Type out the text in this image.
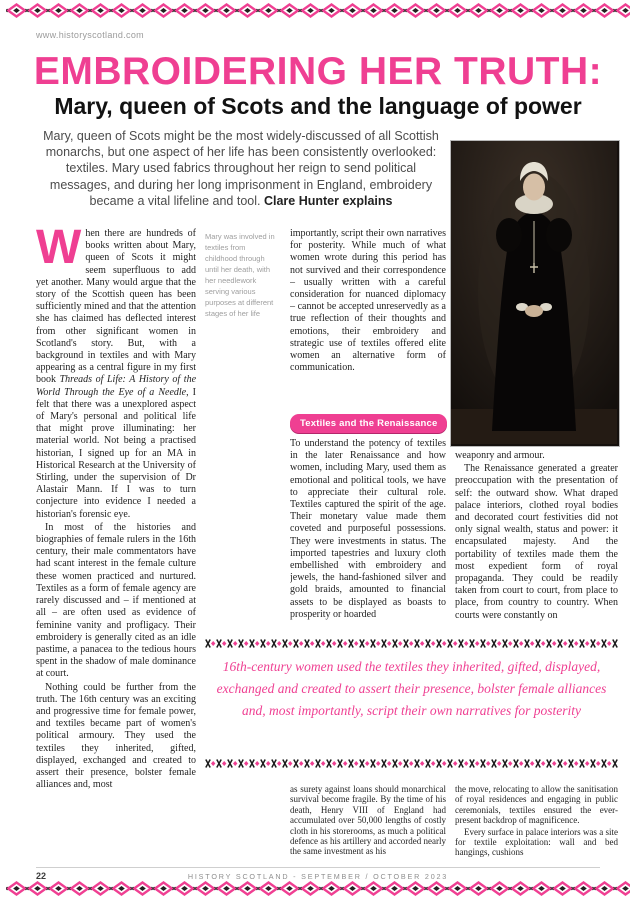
www.historyscotland.com
EMBROIDERING HER TRUTH:
Mary, queen of Scots and the language of power
Mary, queen of Scots might be the most widely-discussed of all Scottish monarchs, but one aspect of her life has been consistently overlooked: textiles. Mary used fabrics throughout her reign to send political messages, and during her long imprisonment in England, embroidery became a vital lifeline and tool. Clare Hunter explains
Mary was involved in textiles from childhood through until her death, with her needlework serving various purposes at different stages of her life

When there are hundreds of books written about Mary, queen of Scots it might seem superfluous to add yet another. Many would argue that the story of the Scottish queen has been sufficiently mined and that the attention she has claimed has deflected interest from other significant women in Scotland's story. But, with a background in textiles and with Mary appearing as a central figure in my first book Threads of Life: A History of the World Through the Eye of a Needle, I felt that there was a unexplored aspect of Mary's personal and political life that might prove illuminating: her material world. Not being a practised historian, I signed up for an MA in Historical Research at the University of Stirling, under the supervision of Dr Alastair Mann. If I was to turn conjecture into evidence I needed a historian's forensic eye.

In most of the histories and biographies of female rulers in the 16th century, their male commentators have had scant interest in the female culture these women practiced and nurtured. Textiles as a form of female agency are rarely discussed and – if mentioned at all – are often used as evidence of feminine vanity and profligacy. Their embroidery is generally cited as an idle pastime, a panacea to the tedious hours spent in the shadow of male dominance at court.

Nothing could be further from the truth. The 16th century was an exciting and progressive time for female power, and textiles became part of women's political armoury. They used the textiles they inherited, gifted, displayed, exchanged and created to assert their presence, bolster female alliances and, most

importantly, script their own narratives for posterity. While much of what women wrote during this period has not survived and their correspondence – usually written with a careful consideration for nuanced diplomacy – cannot be accepted unreservedly as a true reflection of their thoughts and emotions, their embroidery and strategic use of textiles offered elite women an alternative form of communication.

Textiles and the Renaissance

To understand the potency of textiles in the later Renaissance and how women, including Mary, used them as emotional and political tools, we have to appreciate their cultural role. Textiles captured the spirit of the age. Their monetary value made them coveted and purposeful possessions. They were investments in status. The imported tapestries and luxury cloth embellished with embroidery and jewels, the hand-fashioned silver and gold braids, amounted to financial assets to be displayed as boasts to prosperity or hoarded

weaponry and armour.

The Renaissance generated a greater preoccupation with the presentation of self: the outward show. What draped palace interiors, clothed royal bodies and decorated court festivities did not only signal wealth, status and power: it encapsulated majesty. And the portability of textiles made them the most expedient form of royal propaganda. They could be readily taken from court to court, from place to place, from country to country. When courts were constantly on

16th-century women used the textiles they inherited, gifted, displayed, exchanged and created to assert their presence, bolster female alliances and, most importantly, script their own narratives for posterity

as surety against loans should monarchical survival become fragile. By the time of his death, Henry VIII of England had accumulated over 50,000 lengths of costly cloth in his storerooms, as much a political defence as his artillery and accorded nearly the same investment as his

the move, relocating to allow the sanitisation of royal residences and engaging in public ceremonials, textiles ensured the ever-present backdrop of magnificence.

Every surface in palace interiors was a site for textile exploitation: wall and bed hangings, cushions

22	HISTORY SCOTLAND - SEPTEMBER / OCTOBER 2023
